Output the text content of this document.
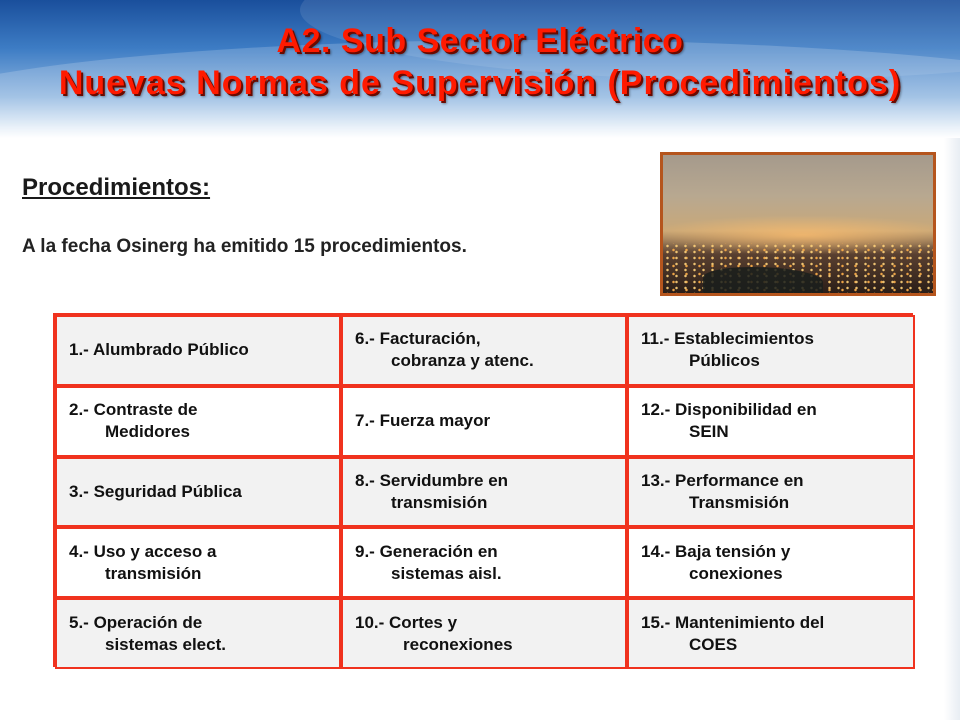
A2. Sub Sector Eléctrico
Nuevas Normas de Supervisión (Procedimientos)
Procedimientos:

A la fecha Osinerg ha emitido 15 procedimientos.

1.- Alumbrado Público
6.- Facturación,
cobranza y atenc.
11.- Establecimientos
Públicos
2.- Contraste de
Medidores
7.- Fuerza mayor
12.- Disponibilidad en
SEIN
3.- Seguridad Pública
8.- Servidumbre en
transmisión
13.- Performance en
Transmisión
4.- Uso y acceso a
transmisión
9.- Generación en
sistemas aisl.
14.- Baja tensión y
conexiones
5.- Operación de
sistemas elect.
10.- Cortes y
reconexiones
15.- Mantenimiento del
COES
